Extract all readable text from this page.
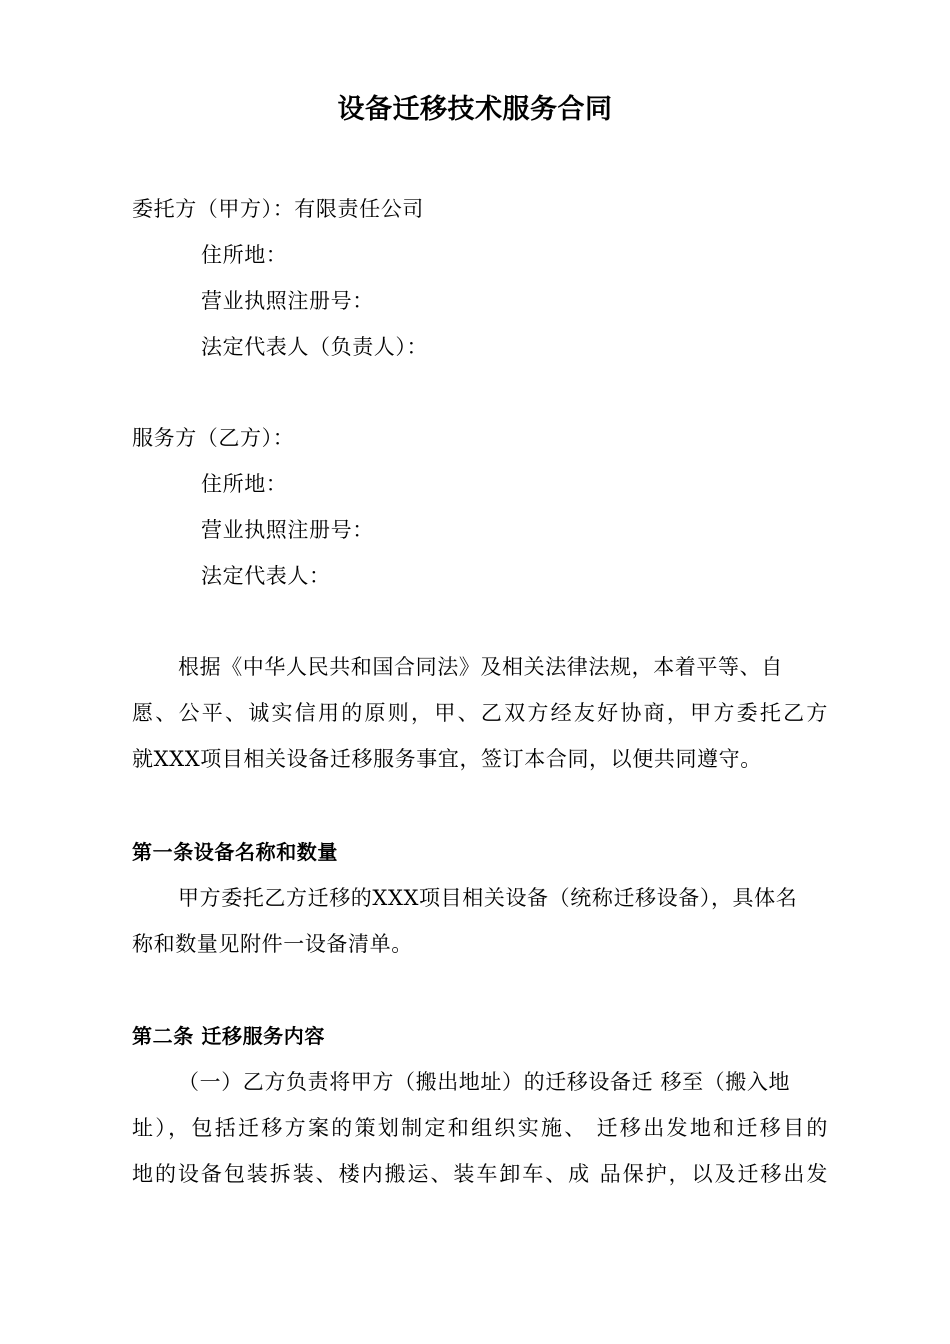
设备迁移技术服务合同
委托方（甲方）：有限责任公司
住所地：
营业执照注册号：
法定代表人（负责人）：
服务方（乙方）：
住所地：
营业执照注册号：
法定代表人：
根据《中华人民共和国合同法》及相关法律法规，本着平等、自
愿、公平、诚实信用的原则，甲、乙双方经友好协商，甲方委托乙方
就XXX项目相关设备迁移服务事宜，签订本合同，以便共同遵守。
第一条设备名称和数量
甲方委托乙方迁移的XXX项目相关设备（统称迁移设备），具体名
称和数量见附件一设备清单。
第二条 迁移服务内容
（一）乙方负责将甲方（搬出地址）的迁移设备迁 移至（搬入地
址），包括迁移方案的策划制定和组织实施、 迁移出发地和迁移目的
地的设备包装拆装、楼内搬运、装车卸车、成 品保护，以及迁移出发
